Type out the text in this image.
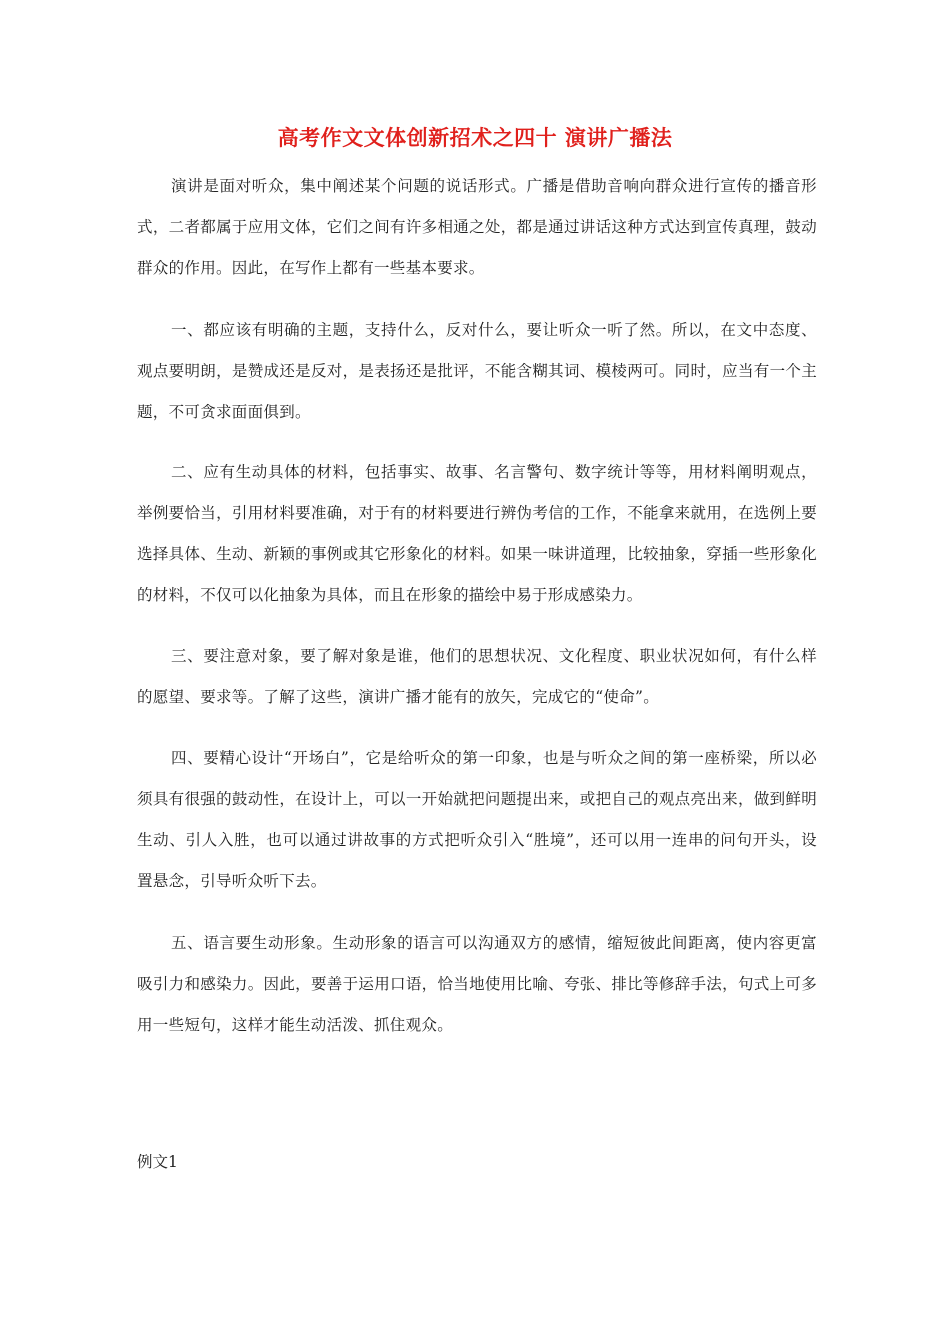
高考作文文体创新招术之四十 演讲广播法

演讲是面对听众，集中阐述某个问题的说话形式。广播是借助音响向群众进行宣传的播音形式，二者都属于应用文体，它们之间有许多相通之处，都是通过讲话这种方式达到宣传真理，鼓动群众的作用。因此，在写作上都有一些基本要求。

一、都应该有明确的主题，支持什么，反对什么，要让听众一听了然。所以，在文中态度、观点要明朗，是赞成还是反对，是表扬还是批评，不能含糊其词、模棱两可。同时，应当有一个主题，不可贪求面面俱到。

二、应有生动具体的材料，包括事实、故事、名言警句、数字统计等等，用材料阐明观点，举例要恰当，引用材料要准确，对于有的材料要进行辨伪考信的工作，不能拿来就用，在选例上要选择具体、生动、新颖的事例或其它形象化的材料。如果一味讲道理，比较抽象，穿插一些形象化的材料，不仅可以化抽象为具体，而且在形象的描绘中易于形成感染力。

三、要注意对象，要了解对象是谁，他们的思想状况、文化程度、职业状况如何，有什么样的愿望、要求等。了解了这些，演讲广播才能有的放矢，完成它的“使命”。

四、要精心设计“开场白”，它是给听众的第一印象，也是与听众之间的第一座桥梁，所以必须具有很强的鼓动性，在设计上，可以一开始就把问题提出来，或把自己的观点亮出来，做到鲜明生动、引人入胜，也可以通过讲故事的方式把听众引入“胜境”，还可以用一连串的问句开头，设置悬念，引导听众听下去。

五、语言要生动形象。生动形象的语言可以沟通双方的感情，缩短彼此间距离，使内容更富吸引力和感染力。因此，要善于运用口语，恰当地使用比喻、夸张、排比等修辞手法，句式上可多用一些短句，这样才能生动活泼、抓住观众。

例文1
